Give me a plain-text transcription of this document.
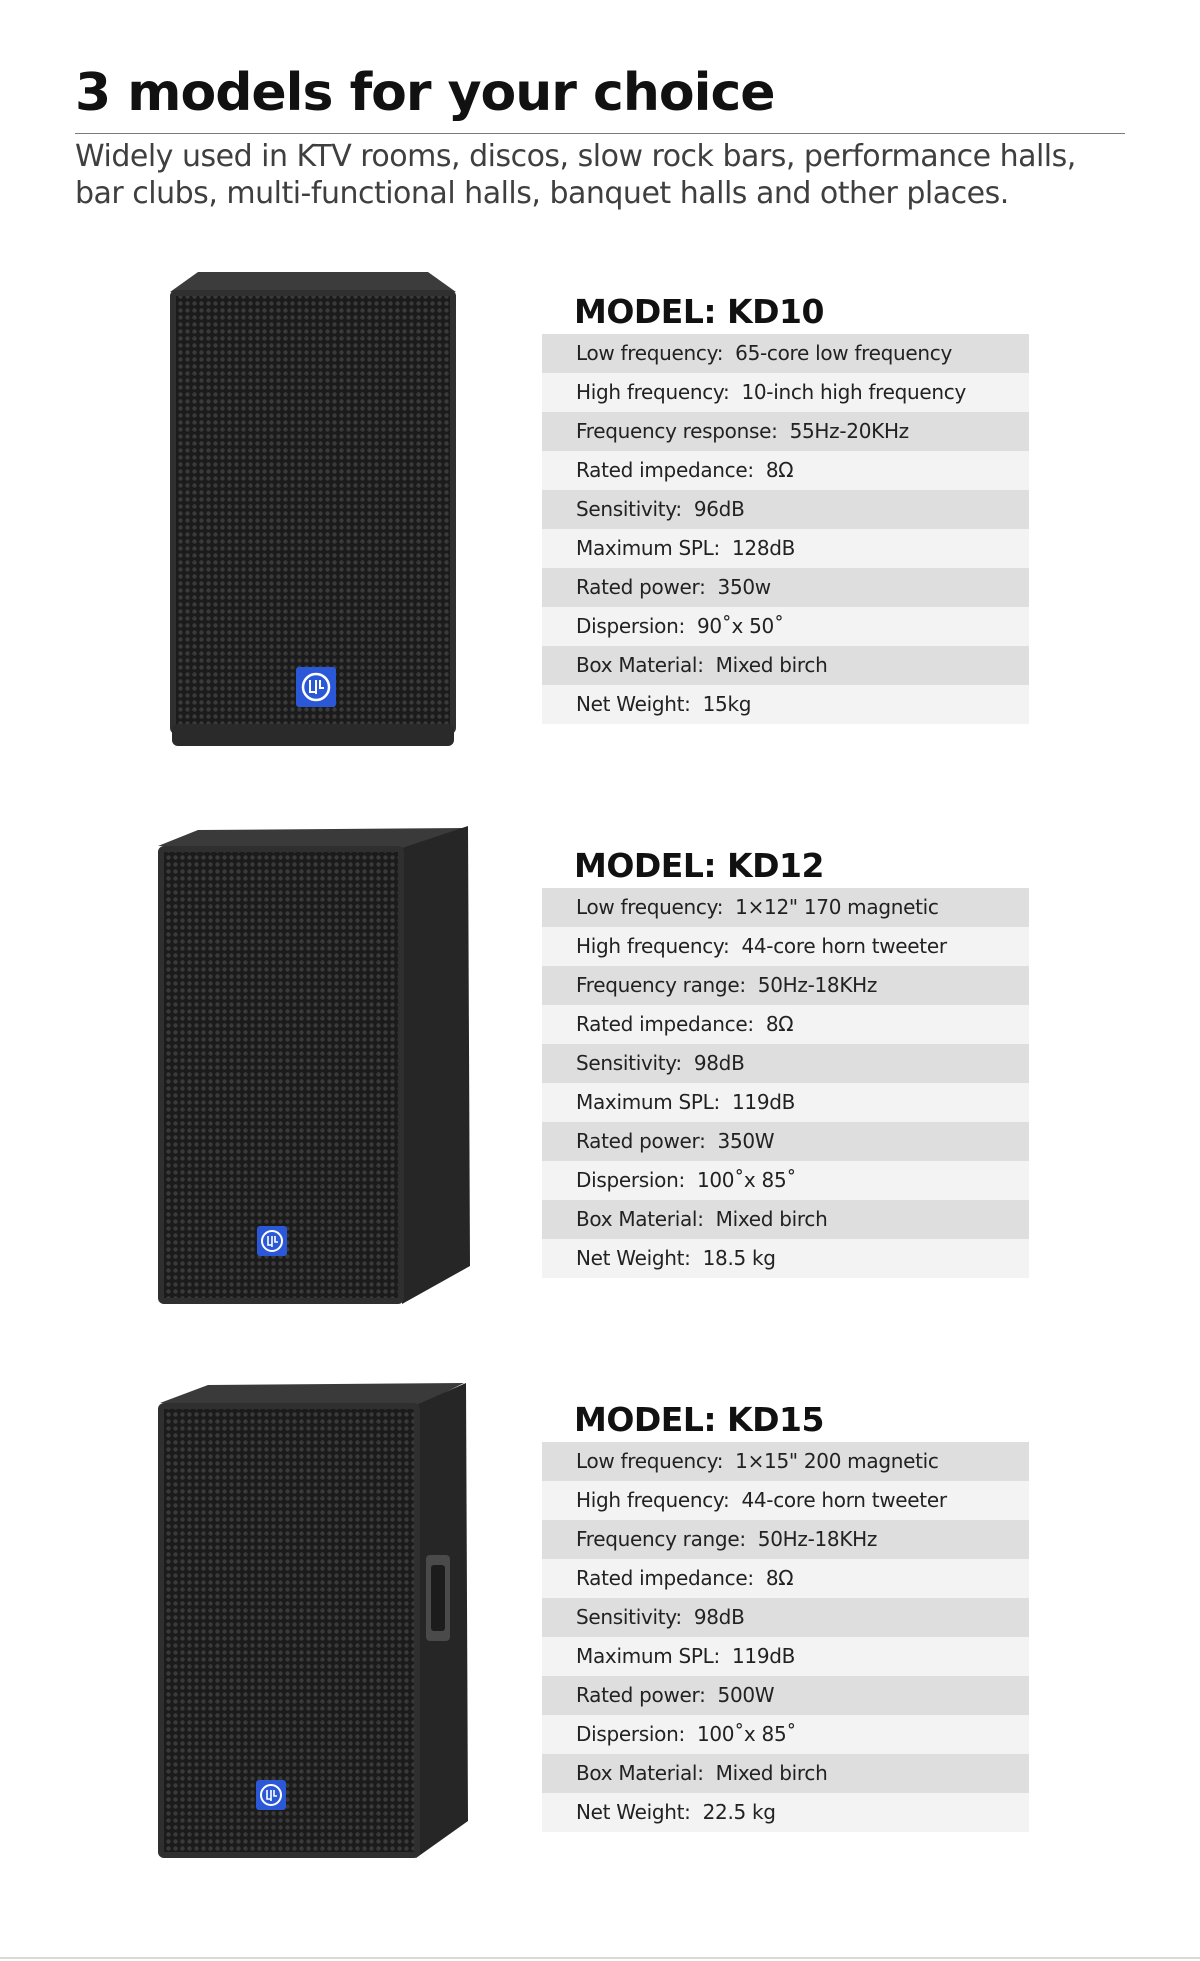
3 models for your choice
Widely used in KTV rooms, discos, slow rock bars, performance halls,
bar clubs, multi-functional halls, banquet halls and other places.
MODEL: KD10
Low frequency : 65-core low frequency
High frequency : 10-inch high frequency
Frequency response : 55Hz-20KHz
Rated impedance : 8Ω
Sensitivity : 96dB
Maximum SPL : 128dB
Rated power : 350w
Dispersion : 90˚x 50˚
Box Material : Mixed birch
Net Weight : 15kg
MODEL: KD12
Low frequency : 1×12" 170 magnetic
High frequency : 44-core horn tweeter
Frequency range : 50Hz-18KHz
Rated impedance : 8Ω
Sensitivity : 98dB
Maximum SPL : 119dB
Rated power : 350W
Dispersion : 100˚x 85˚
Box Material : Mixed birch
Net Weight : 18.5 kg
MODEL: KD15
Low frequency : 1×15" 200 magnetic
High frequency : 44-core horn tweeter
Frequency range : 50Hz-18KHz
Rated impedance : 8Ω
Sensitivity : 98dB
Maximum SPL : 119dB
Rated power : 500W
Dispersion : 100˚x 85˚
Box Material : Mixed birch
Net Weight : 22.5 kg
